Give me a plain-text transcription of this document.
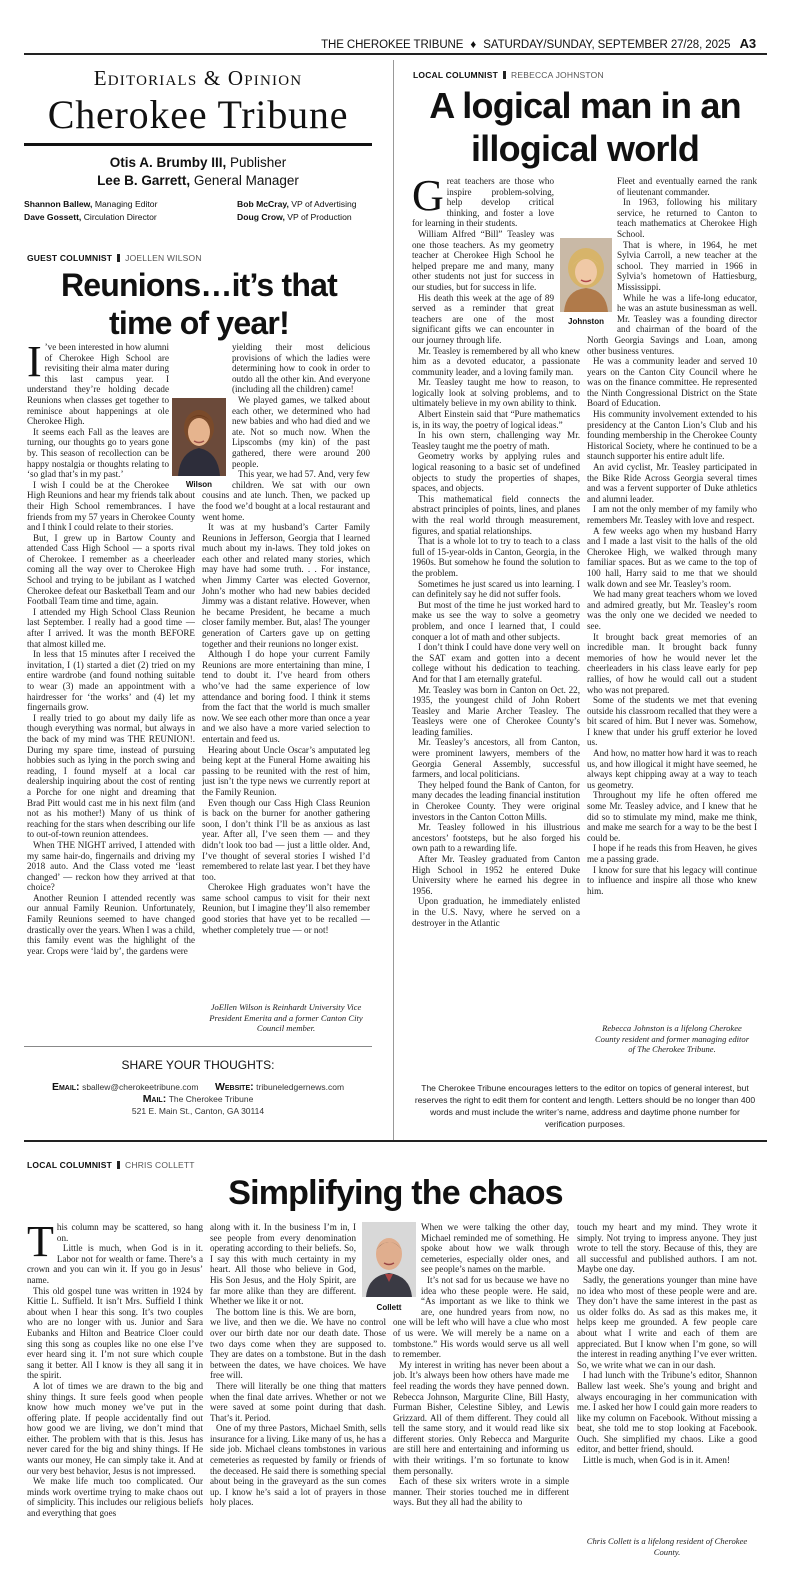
THE CHEROKEE TRIBUNE ♦ SATURDAY/SUNDAY, SEPTEMBER 27/28, 2025 A3
Editorials & Opinion
Cherokee Tribune
Otis A. Brumby III, Publisher
Lee B. Garrett, General Manager
Shannon Ballew, Managing Editor	Bob McCray, VP of Advertising
Dave Gossett, Circulation Director	Doug Crow, VP of Production
GUEST COLUMNIST JOELLEN WILSON
Reunions…it’s that
time of year!

I ’ve been interested in how alumni of Cherokee High School are revisiting their alma mater during this last campus year. I understand they’re holding decade Reunions when classes get together to reminisce about happenings at ole Cherokee High.

It seems each Fall as the leaves are turning, our thoughts go to years gone by. This season of recollection can be happy nostalgia or thoughts relating to ‘so glad that’s in my past.’

I wish I could be at the Cherokee High Reunions and hear my friends talk about their High School remembrances. I have friends from my 57 years in Cherokee County and I think I could relate to their stories.

But, I grew up in Bartow County and attended Cass High School — a sports rival of Cherokee. I remember as a cheerleader coming all the way over to Cherokee High School and trying to be jubilant as I watched Cherokee defeat our Basketball Team and our Football Team time and time, again.

I attended my High School Class Reunion last September. I really had a good time — after I arrived. It was the month BEFORE that almost killed me.

In less that 15 minutes after I received the invitation, I (1) started a diet (2) tried on my entire wardrobe (and found nothing suitable to wear (3) made an appointment with a hairdresser for ‘the works’ and (4) let my fingernails grow.

I really tried to go about my daily life as though everything was normal, but always in the back of my mind was THE REUNION!. During my spare time, instead of pursuing hobbies such as lying in the porch swing and reading, I found myself at a local car dealership inquiring about the cost of renting a Porche for one night and dreaming that Brad Pitt would cast me in his next film (and not as his mother!) Many of us think of reaching for the stars when describing our life to out-of-town reunion attendees.

When THE NIGHT arrived, I attended with my same hair-do, fingernails and driving my 2018 auto. And the Class voted me ‘least changed’ — reckon how they arrived at that choice?

Another Reunion I attended recently was our annual Family Reunion. Unfortunately, Family Reunions seemed to have changed drastically over the years. When I was a child, this family event was the highlight of the year. Crops were ‘laid by’, the gardens were

yielding their most delicious provisions of which the ladies were determining how to cook in order to outdo all the other kin. And everyone (including all the children) came!

We played games, we talked about each other, we determined who had new babies and who had died and we ate. Not so much now. When the Lipscombs (my kin) of the past gathered, there were around 200 people.

This year, we had 57. And, very few children. We sat with our own cousins and ate lunch. Then, we packed up the food we’d bought at a local restaurant and went home.

It was at my husband’s Carter Family Reunions in Jefferson, Georgia that I learned much about my in-laws. They told jokes on each other and related many stories, which may have had some truth. . . For instance, when Jimmy Carter was elected Governor, John’s mother who had new babies decided Jimmy was a distant relative. However, when he became President, he became a much closer family member. But, alas! The younger generation of Carters gave up on getting together and their reunions no longer exist.

Although I do hope your current Family Reunions are more entertaining than mine, I tend to doubt it. I’ve heard from others who’ve had the same experience of low attendance and boring food. I think it stems from the fact that the world is much smaller now. We see each other more than once a year and we also have a more varied selection to entertain and feed us.

Hearing about Uncle Oscar’s amputated leg being kept at the Funeral Home awaiting his passing to be reunited with the rest of him, just isn’t the type news we currently report at the Family Reunion.

Even though our Cass High Class Reunion is back on the burner for another gathering soon, I don’t think I’ll be as anxious as last year. After all, I’ve seen them — and they didn’t look too bad — just a little older. And, I’ve thought of several stories I wished I’d remembered to relate last year. I bet they have too.

Cherokee High graduates won’t have the same school campus to visit for their next Reunion, but I imagine they’ll also remember good stories that have yet to be recalled — whether completely true — or not!

JoEllen Wilson is Reinhardt University Vice President Emerita and a former Canton City Council member.
LOCAL COLUMNIST REBECCA JOHNSTON
A logical man in an
illogical world

Great teachers are those who inspire problem-solving, help develop critical thinking, and foster a love for learning in their students.

William Alfred “Bill” Teasley was one those teachers. As my geometry teacher at Cherokee High School he helped prepare me and many, many other students not just for success in our studies, but for success in life.

His death this week at the age of 89 served as a reminder that great teachers are one of the most significant gifts we can encounter in our journey through life.

Mr. Teasley is remembered by all who knew him as a devoted educator, a passionate community leader, and a loving family man.

Mr. Teasley taught me how to reason, to logically look at solving problems, and to ultimately believe in my own ability to think.

Albert Einstein said that “Pure mathematics is, in its way, the poetry of logical ideas.”

In his own stern, challenging way Mr. Teasley taught me the poetry of math.

Geometry works by applying rules and logical reasoning to a basic set of undefined objects to study the properties of shapes, spaces, and objects.

This mathematical field connects the abstract principles of points, lines, and planes with the real world through measurement, figures, and spatial relationships.

That is a whole lot to try to teach to a class full of 15-year-olds in Canton, Georgia, in the 1960s. But somehow he found the solution to the problem.

Sometimes he just scared us into learning. I can definitely say he did not suffer fools.

But most of the time he just worked hard to make us see the way to solve a geometry problem, and once I learned that, I could conquer a lot of math and other subjects.

I don’t think I could have done very well on the SAT exam and gotten into a decent college without his dedication to teaching. And for that I am eternally grateful.

Mr. Teasley was born in Canton on Oct. 22, 1935, the youngest child of John Robert Teasley and Marie Archer Teasley. The Teasleys were one of Cherokee County’s leading families.

Mr. Teasley’s ancestors, all from Canton, were prominent lawyers, members of the Georgia General Assembly, successful farmers, and local politicians.

They helped found the Bank of Canton, for many decades the leading financial institution in Cherokee County. They were original investors in the Canton Cotton Mills.

Mr. Teasley followed in his illustrious ancestors’ footsteps, but he also forged his own path to a rewarding life.

After Mr. Teasley graduated from Canton High School in 1952 he entered Duke University where he earned his degree in 1956.

Upon graduation, he immediately enlisted in the U.S. Navy, where he served on a destroyer in the Atlantic

Fleet and eventually earned the rank of lieutenant commander.

In 1963, following his military service, he returned to Canton to teach mathematics at Cherokee High School.

That is where, in 1964, he met Sylvia Carroll, a new teacher at the school. They married in 1966 in Sylvia’s hometown of Hattiesburg, Mississippi.

While he was a life-long educator, he was an astute businessman as well. Mr. Teasley was a founding director and chairman of the board of the North Georgia Savings and Loan, among other business ventures.

He was a community leader and served 10 years on the Canton City Council where he was on the finance committee. He represented the Ninth Congressional District on the State Board of Education.

His community involvement extended to his presidency at the Canton Lion’s Club and his founding membership in the Cherokee County Historical Society, where he continued to be a staunch supporter his entire adult life.

An avid cyclist, Mr. Teasley participated in the Bike Ride Across Georgia several times and was a fervent supporter of Duke athletics and alumni leader.

I am not the only member of my family who remembers Mr. Teasley with love and respect.

A few weeks ago when my husband Harry and I made a last visit to the halls of the old Cherokee High, we walked through many familiar spaces. But as we came to the top of 100 hall, Harry said to me that we should walk down and see Mr. Teasley’s room.

We had many great teachers whom we loved and admired greatly, but Mr. Teasley’s room was the only one we decided we needed to see.

It brought back great memories of an incredible man. It brought back funny memories of how he would never let the cheerleaders in his class leave early for pep rallies, of how he would call out a student who was not prepared.

Some of the students we met that evening outside his classroom recalled that they were a bit scared of him. But I never was. Somehow, I knew that under his gruff exterior he loved us.

And how, no matter how hard it was to reach us, and how illogical it might have seemed, he always kept chipping away at a way to teach us geometry.

Throughout my life he often offered me some Mr. Teasley advice, and I knew that he did so to stimulate my mind, make me think, and make me search for a way to be the best I could be.

I hope if he reads this from Heaven, he gives me a passing grade.

I know for sure that his legacy will continue to influence and inspire all those who knew him.

Rebecca Johnston is a lifelong Cherokee County resident and former managing editor of The Cherokee Tribune.
SHARE YOUR THOUGHTS:
Email: sballew@cherokeetribune.com Website: tribuneledgernews.com
Mail: The Cherokee Tribune
521 E. Main St., Canton, GA 30114
The Cherokee Tribune encourages letters to the editor on topics of general interest, but reserves the right to edit them for content and length. Letters should be no longer than 400 words and must include the writer’s name, address and daytime phone number for verification purposes.
LOCAL COLUMNIST CHRIS COLLETT
Simplifying the chaos

This column may be scattered, so hang on.

Little is much, when God is in it. Labor not for wealth or fame. There’s a crown and you can win it. If you go in Jesus’ name.

This old gospel tune was written in 1924 by Kittie L. Suffield. It isn’t Mrs. Suffield I think about when I hear this song. It’s two couples who are no longer with us. Junior and Sara Eubanks and Hilton and Beatrice Cloer could sing this song as couples like no one else I’ve ever heard sing it. I’m not sure which couple sang it better. All I know is they all sang it in the spirit.

A lot of times we are drawn to the big and shiny things. It sure feels good when people know how much money we’ve put in the offering plate. If people accidentally find out how good we are living, we don’t mind that either. The problem with that is this. Jesus has never cared for the big and shiny things. If He wants our money, He can simply take it. And at our very best behavior, Jesus is not impressed.

We make life much too complicated. Our minds work overtime trying to make chaos out of simplicity. This includes our religious beliefs and everything that goes

along with it. In the business I’m in, I see people from every denomination operating according to their beliefs. So, I say this with much certainty in my heart. All those who believe in God, His Son Jesus, and the Holy Spirit, are far more alike than they are different. Whether we like it or not.

The bottom line is this. We are born, we live, and then we die. We have no control over our birth date nor our death date. Those two days come when they are supposed to. They are dates on a tombstone. But in the dash between the dates, we have choices. We have free will.

There will literally be one thing that matters when the final date arrives. Whether or not we were saved at some point during that dash. That’s it. Period.

One of my three Pastors, Michael Smith, sells insurance for a living. Like many of us, he has a side job. Michael cleans tombstones in various cemeteries as requested by family or friends of the deceased. He said there is something special about being in the graveyard as the sun comes up. I know he’s said a lot of prayers in those holy places.

When we were talking the other day, Michael reminded me of something. He spoke about how we walk through cemeteries, especially older ones, and see people’s names on the marble.

It’s not sad for us because we have no idea who these people were. He said, “As important as we like to think we are, one hundred years from now, no one will be left who will have a clue who most of us were. We will merely be a name on a tombstone.” His words would serve us all well to remember.

My interest in writing has never been about a job. It’s always been how others have made me feel reading the words they have penned down. Rebecca Johnson, Margurite Cline, Bill Hasty, Furman Bisher, Celestine Sibley, and Lewis Grizzard. All of them different. They could all tell the same story, and it would read like six different stories. Only Rebecca and Margurite are still here and entertaining and informing us with their writings. I’m so fortunate to know them personally.

Each of these six writers wrote in a simple manner. Their stories touched me in different ways. But they all had the ability to

touch my heart and my mind. They wrote it simply. Not trying to impress anyone. They just wrote to tell the story. Because of this, they are all successful and published authors. I am not. Maybe one day.

Sadly, the generations younger than mine have no idea who most of these people were and are. They don’t have the same interest in the past as us older folks do. As sad as this makes me, it helps keep me grounded. A few people care about what I write and each of them are appreciated. But I know when I’m gone, so will the interest in reading anything I’ve ever written. So, we write what we can in our dash.

I had lunch with the Tribune’s editor, Shannon Ballew last week. She’s young and bright and always encouraging in her communication with me. I asked her how I could gain more readers to like my column on Facebook. Without missing a beat, she told me to stop looking at Facebook. Ouch. She simplified my chaos. Like a good editor, and better friend, should.

Little is much, when God is in it. Amen!

Chris Collett is a lifelong resident of Cherokee County.
Wilson
Johnston
Collett
